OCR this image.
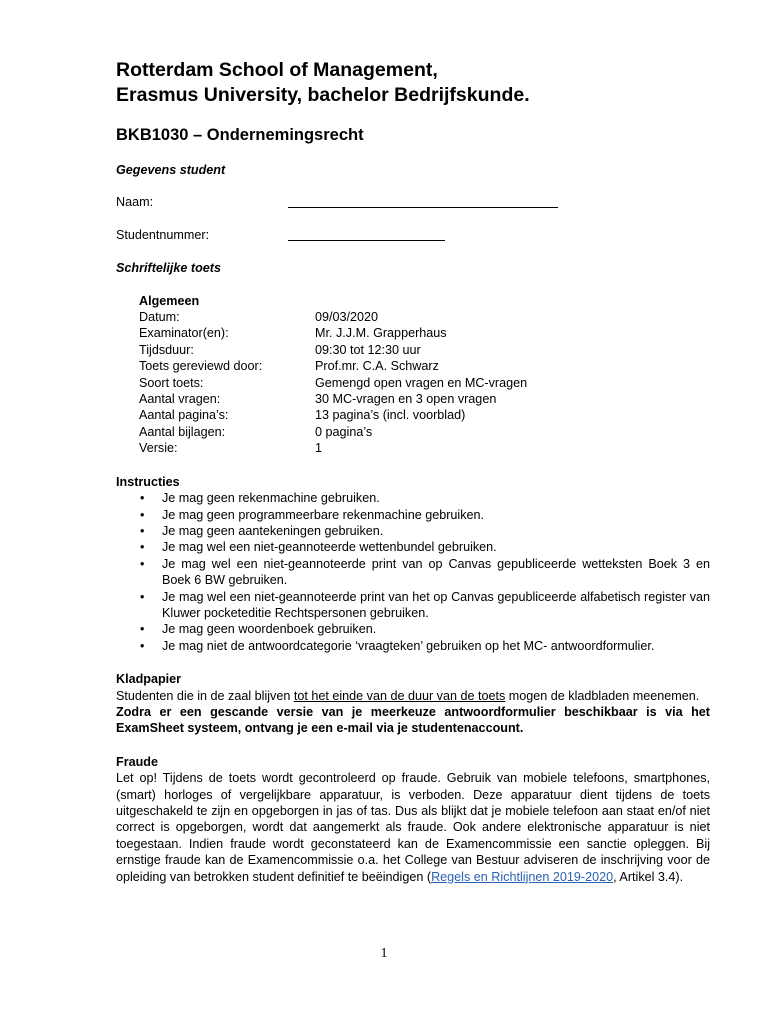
Rotterdam School of Management,
Erasmus University, bachelor Bedrijfskunde.
BKB1030 – Ondernemingsrecht
Gegevens student
Naam:
Studentnummer:
Schriftelijke toets
Algemeen
Datum:	09/03/2020
Examinator(en):	Mr. J.J.M. Grapperhaus
Tijdsduur:	09:30 tot 12:30 uur
Toets gereviewd door:	Prof.mr. C.A. Schwarz
Soort toets:	Gemengd open vragen en MC-vragen
Aantal vragen:	30 MC-vragen en 3 open vragen
Aantal pagina’s:	13 pagina’s (incl. voorblad)
Aantal bijlagen:	0 pagina’s
Versie:	1
Instructies
• Je mag geen rekenmachine gebruiken.
• Je mag geen programmeerbare rekenmachine gebruiken.
• Je mag geen aantekeningen gebruiken.
• Je mag wel een niet-geannoteerde wettenbundel gebruiken.
• Je mag wel een niet-geannoteerde print van op Canvas gepubliceerde wetteksten Boek 3 en Boek 6 BW gebruiken.
• Je mag wel een niet-geannoteerde print van het op Canvas gepubliceerde alfabetisch register van Kluwer pocketeditie Rechtspersonen gebruiken.
• Je mag geen woordenboek gebruiken.
• Je mag niet de antwoordcategorie ‘vraagteken’ gebruiken op het MC- antwoordformulier.
Kladpapier
Studenten die in de zaal blijven tot het einde van de duur van de toets mogen de kladbladen meenemen.
Zodra er een gescande versie van je meerkeuze antwoordformulier beschikbaar is via het ExamSheet systeem, ontvang je een e-mail via je studentenaccount.
Fraude
Let op! Tijdens de toets wordt gecontroleerd op fraude. Gebruik van mobiele telefoons, smartphones, (smart) horloges of vergelijkbare apparatuur, is verboden. Deze apparatuur dient tijdens de toets uitgeschakeld te zijn en opgeborgen in jas of tas. Dus als blijkt dat je mobiele telefoon aan staat en/of niet correct is opgeborgen, wordt dat aangemerkt als fraude. Ook andere elektronische apparatuur is niet toegestaan. Indien fraude wordt geconstateerd kan de Examencommissie een sanctie opleggen. Bij ernstige fraude kan de Examencommissie o.a. het College van Bestuur adviseren de inschrijving voor de opleiding van betrokken student definitief te beëindigen (Regels en Richtlijnen 2019-2020, Artikel 3.4).
1
